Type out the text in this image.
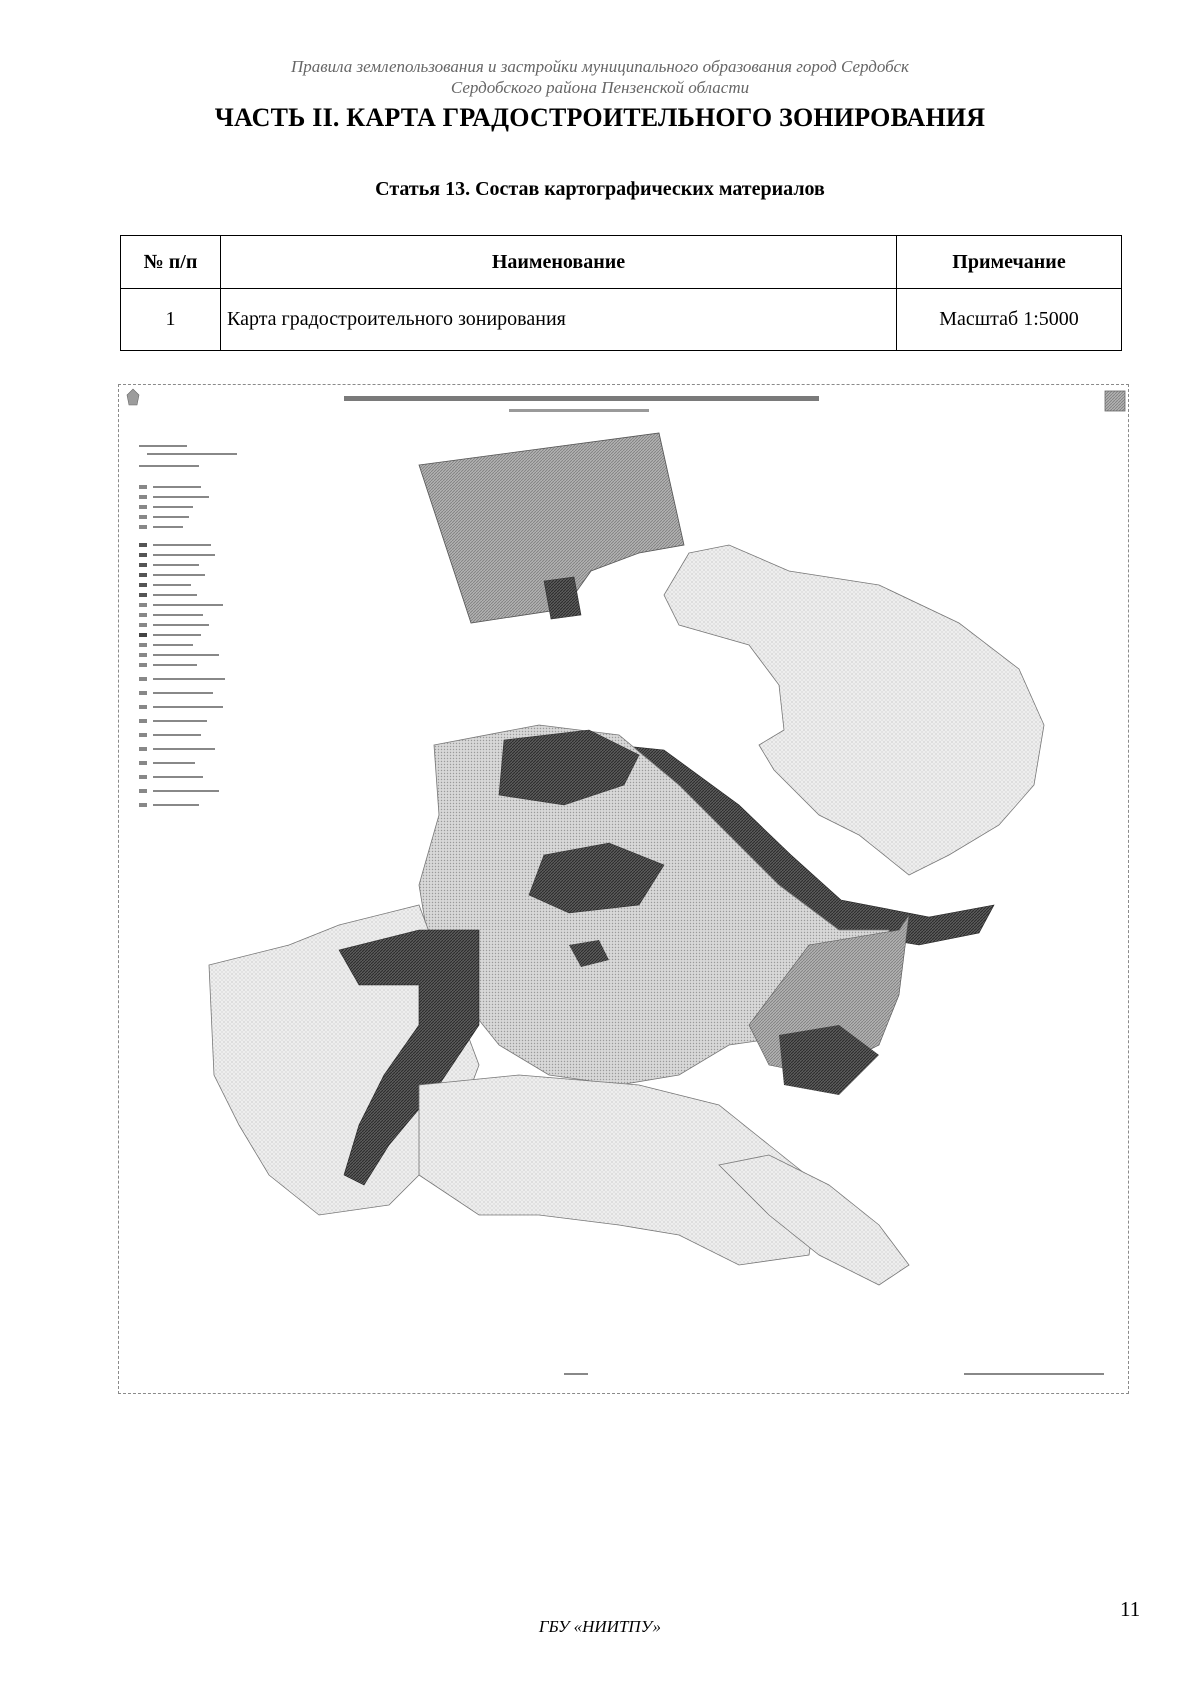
Правила землепользования и застройки муниципального образования город Сердобск
Сердобского района Пензенской области
ЧАСТЬ II. КАРТА ГРАДОСТРОИТЕЛЬНОГО ЗОНИРОВАНИЯ
Статья 13. Состав картографических материалов
№ п/п	Наименование	Примечание
1	Карта градостроительного зонирования	Масштаб 1:5000
11
ГБУ «НИИТПУ»
